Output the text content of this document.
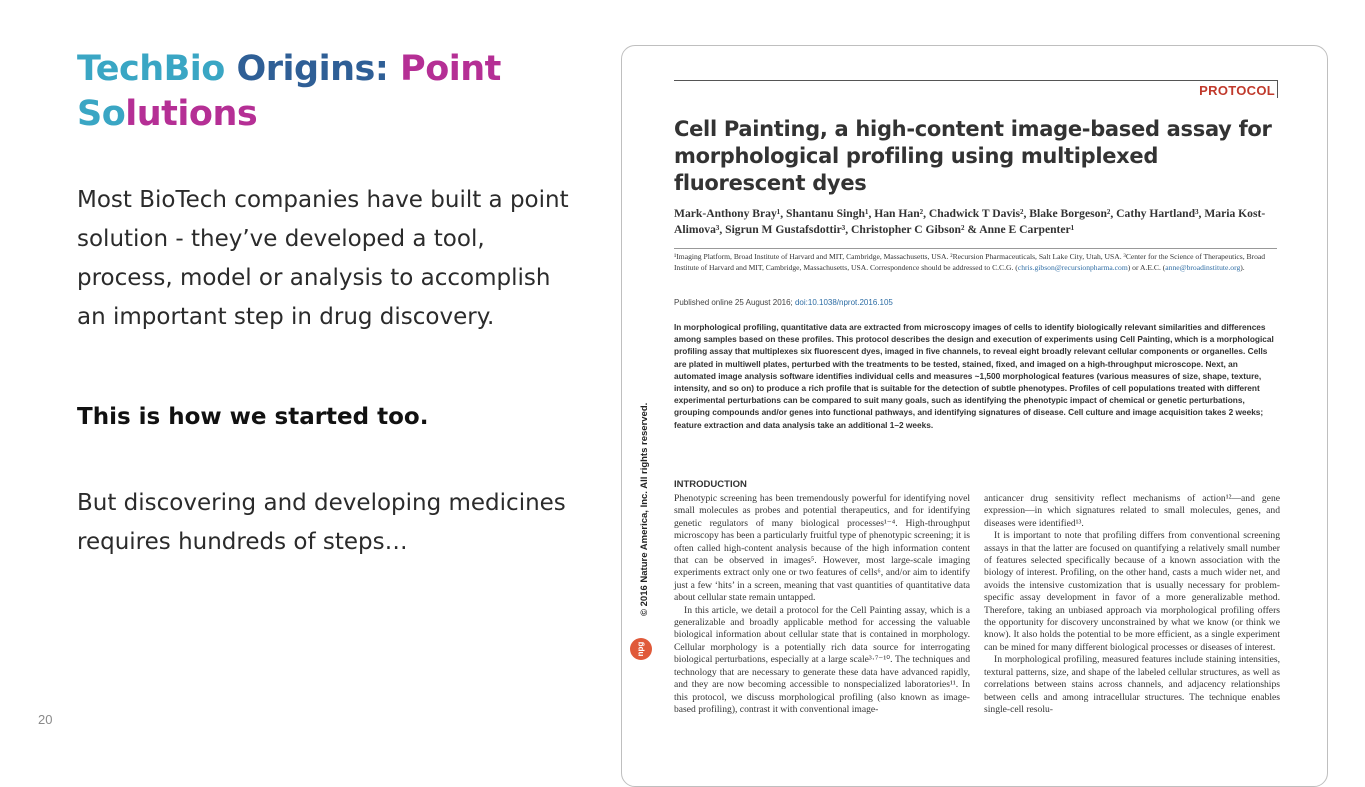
TechBio Origins: Point
Solutions
Most BioTech companies have built a point solution - they’ve developed a tool, process, model or analysis to accomplish an important step in drug discovery.
This is how we started too.
But discovering and developing medicines requires hundreds of steps…
20
PROTOCOL
Cell Painting, a high-content image-based assay for morphological profiling using multiplexed fluorescent dyes
Mark-Anthony Bray¹, Shantanu Singh¹, Han Han², Chadwick T Davis², Blake Borgeson², Cathy Hartland³, Maria Kost-Alimova³, Sigrun M Gustafsdottir³, Christopher C Gibson² & Anne E Carpenter¹
¹Imaging Platform, Broad Institute of Harvard and MIT, Cambridge, Massachusetts, USA. ²Recursion Pharmaceuticals, Salt Lake City, Utah, USA. ³Center for the Science of Therapeutics, Broad Institute of Harvard and MIT, Cambridge, Massachusetts, USA. Correspondence should be addressed to C.C.G. (chris.gibson@recursionpharma.com) or A.E.C. (anne@broadinstitute.org).
Published online 25 August 2016; doi:10.1038/nprot.2016.105
In morphological profiling, quantitative data are extracted from microscopy images of cells to identify biologically relevant similarities and differences among samples based on these profiles. This protocol describes the design and execution of experiments using Cell Painting, which is a morphological profiling assay that multiplexes six fluorescent dyes, imaged in five channels, to reveal eight broadly relevant cellular components or organelles. Cells are plated in multiwell plates, perturbed with the treatments to be tested, stained, fixed, and imaged on a high-throughput microscope. Next, an automated image analysis software identifies individual cells and measures ~1,500 morphological features (various measures of size, shape, texture, intensity, and so on) to produce a rich profile that is suitable for the detection of subtle phenotypes. Profiles of cell populations treated with different experimental perturbations can be compared to suit many goals, such as identifying the phenotypic impact of chemical or genetic perturbations, grouping compounds and/or genes into functional pathways, and identifying signatures of disease. Cell culture and image acquisition takes 2 weeks; feature extraction and data analysis take an additional 1–2 weeks.
INTRODUCTION

Phenotypic screening has been tremendously powerful for identifying novel small molecules as probes and potential therapeutics, and for identifying genetic regulators of many biological processes¹⁻⁴. High-throughput microscopy has been a particularly fruitful type of phenotypic screening; it is often called high-content analysis because of the high information content that can be observed in images⁵. However, most large-scale imaging experiments extract only one or two features of cells⁶, and/or aim to identify just a few ‘hits’ in a screen, meaning that vast quantities of quantitative data about cellular state remain untapped.

In this article, we detail a protocol for the Cell Painting assay, which is a generalizable and broadly applicable method for accessing the valuable biological information about cellular state that is contained in morphology. Cellular morphology is a potentially rich data source for interrogating biological perturbations, especially at a large scale³·⁷⁻¹⁰. The techniques and technology that are necessary to generate these data have advanced rapidly, and they are now becoming accessible to nonspecialized laboratories¹¹. In this protocol, we discuss morphological profiling (also known as image-based profiling), contrast it with conventional image-

anticancer drug sensitivity reflect mechanisms of action¹²—and gene expression—in which signatures related to small molecules, genes, and diseases were identified¹³.

It is important to note that profiling differs from conventional screening assays in that the latter are focused on quantifying a relatively small number of features selected specifically because of a known association with the biology of interest. Profiling, on the other hand, casts a much wider net, and avoids the intensive customization that is usually necessary for problem-specific assay development in favor of a more generalizable method. Therefore, taking an unbiased approach via morphological profiling offers the opportunity for discovery unconstrained by what we know (or think we know). It also holds the potential to be more efficient, as a single experiment can be mined for many different biological processes or diseases of interest.

In morphological profiling, measured features include staining intensities, textural patterns, size, and shape of the labeled cellular structures, as well as correlations between stains across channels, and adjacency relationships between cells and among intracellular structures. The technique enables single-cell resolu-

© 2016 Nature America, Inc. All rights reserved.
npg
